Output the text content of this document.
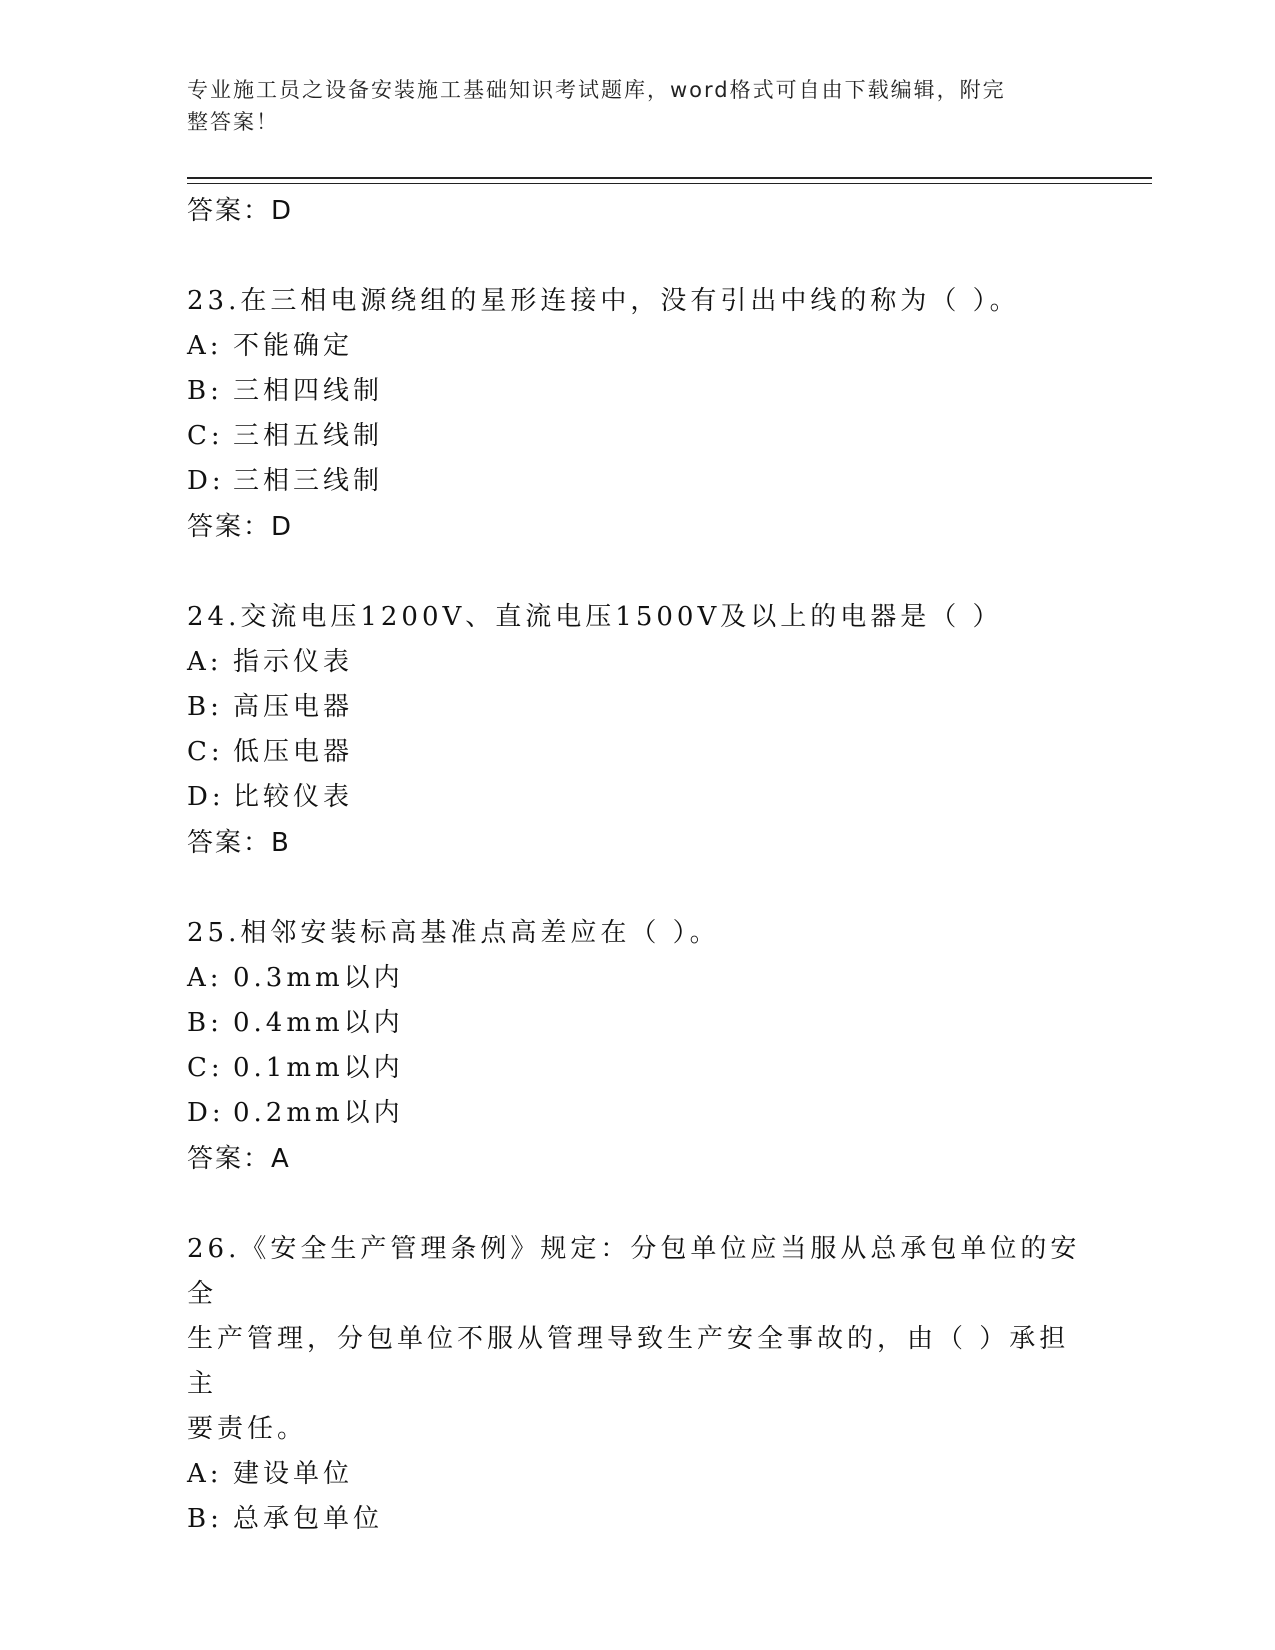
专业施工员之设备安装施工基础知识考试题库，word格式可自由下载编辑，附完
整答案！
答案：D
23.在三相电源绕组的星形连接中，没有引出中线的称为（ ）。
A: 不能确定
B: 三相四线制
C: 三相五线制
D: 三相三线制
答案：D
24.交流电压1200V、直流电压1500V及以上的电器是（ ）
A: 指示仪表
B: 高压电器
C: 低压电器
D: 比较仪表
答案：B
25.相邻安装标高基准点高差应在（ ）。
A: 0.3mm以内
B: 0.4mm以内
C: 0.1mm以内
D: 0.2mm以内
答案：A
26.《安全生产管理条例》规定：分包单位应当服从总承包单位的安全
生产管理，分包单位不服从管理导致生产安全事故的，由（ ）承担主
要责任。
A: 建设单位
B: 总承包单位
